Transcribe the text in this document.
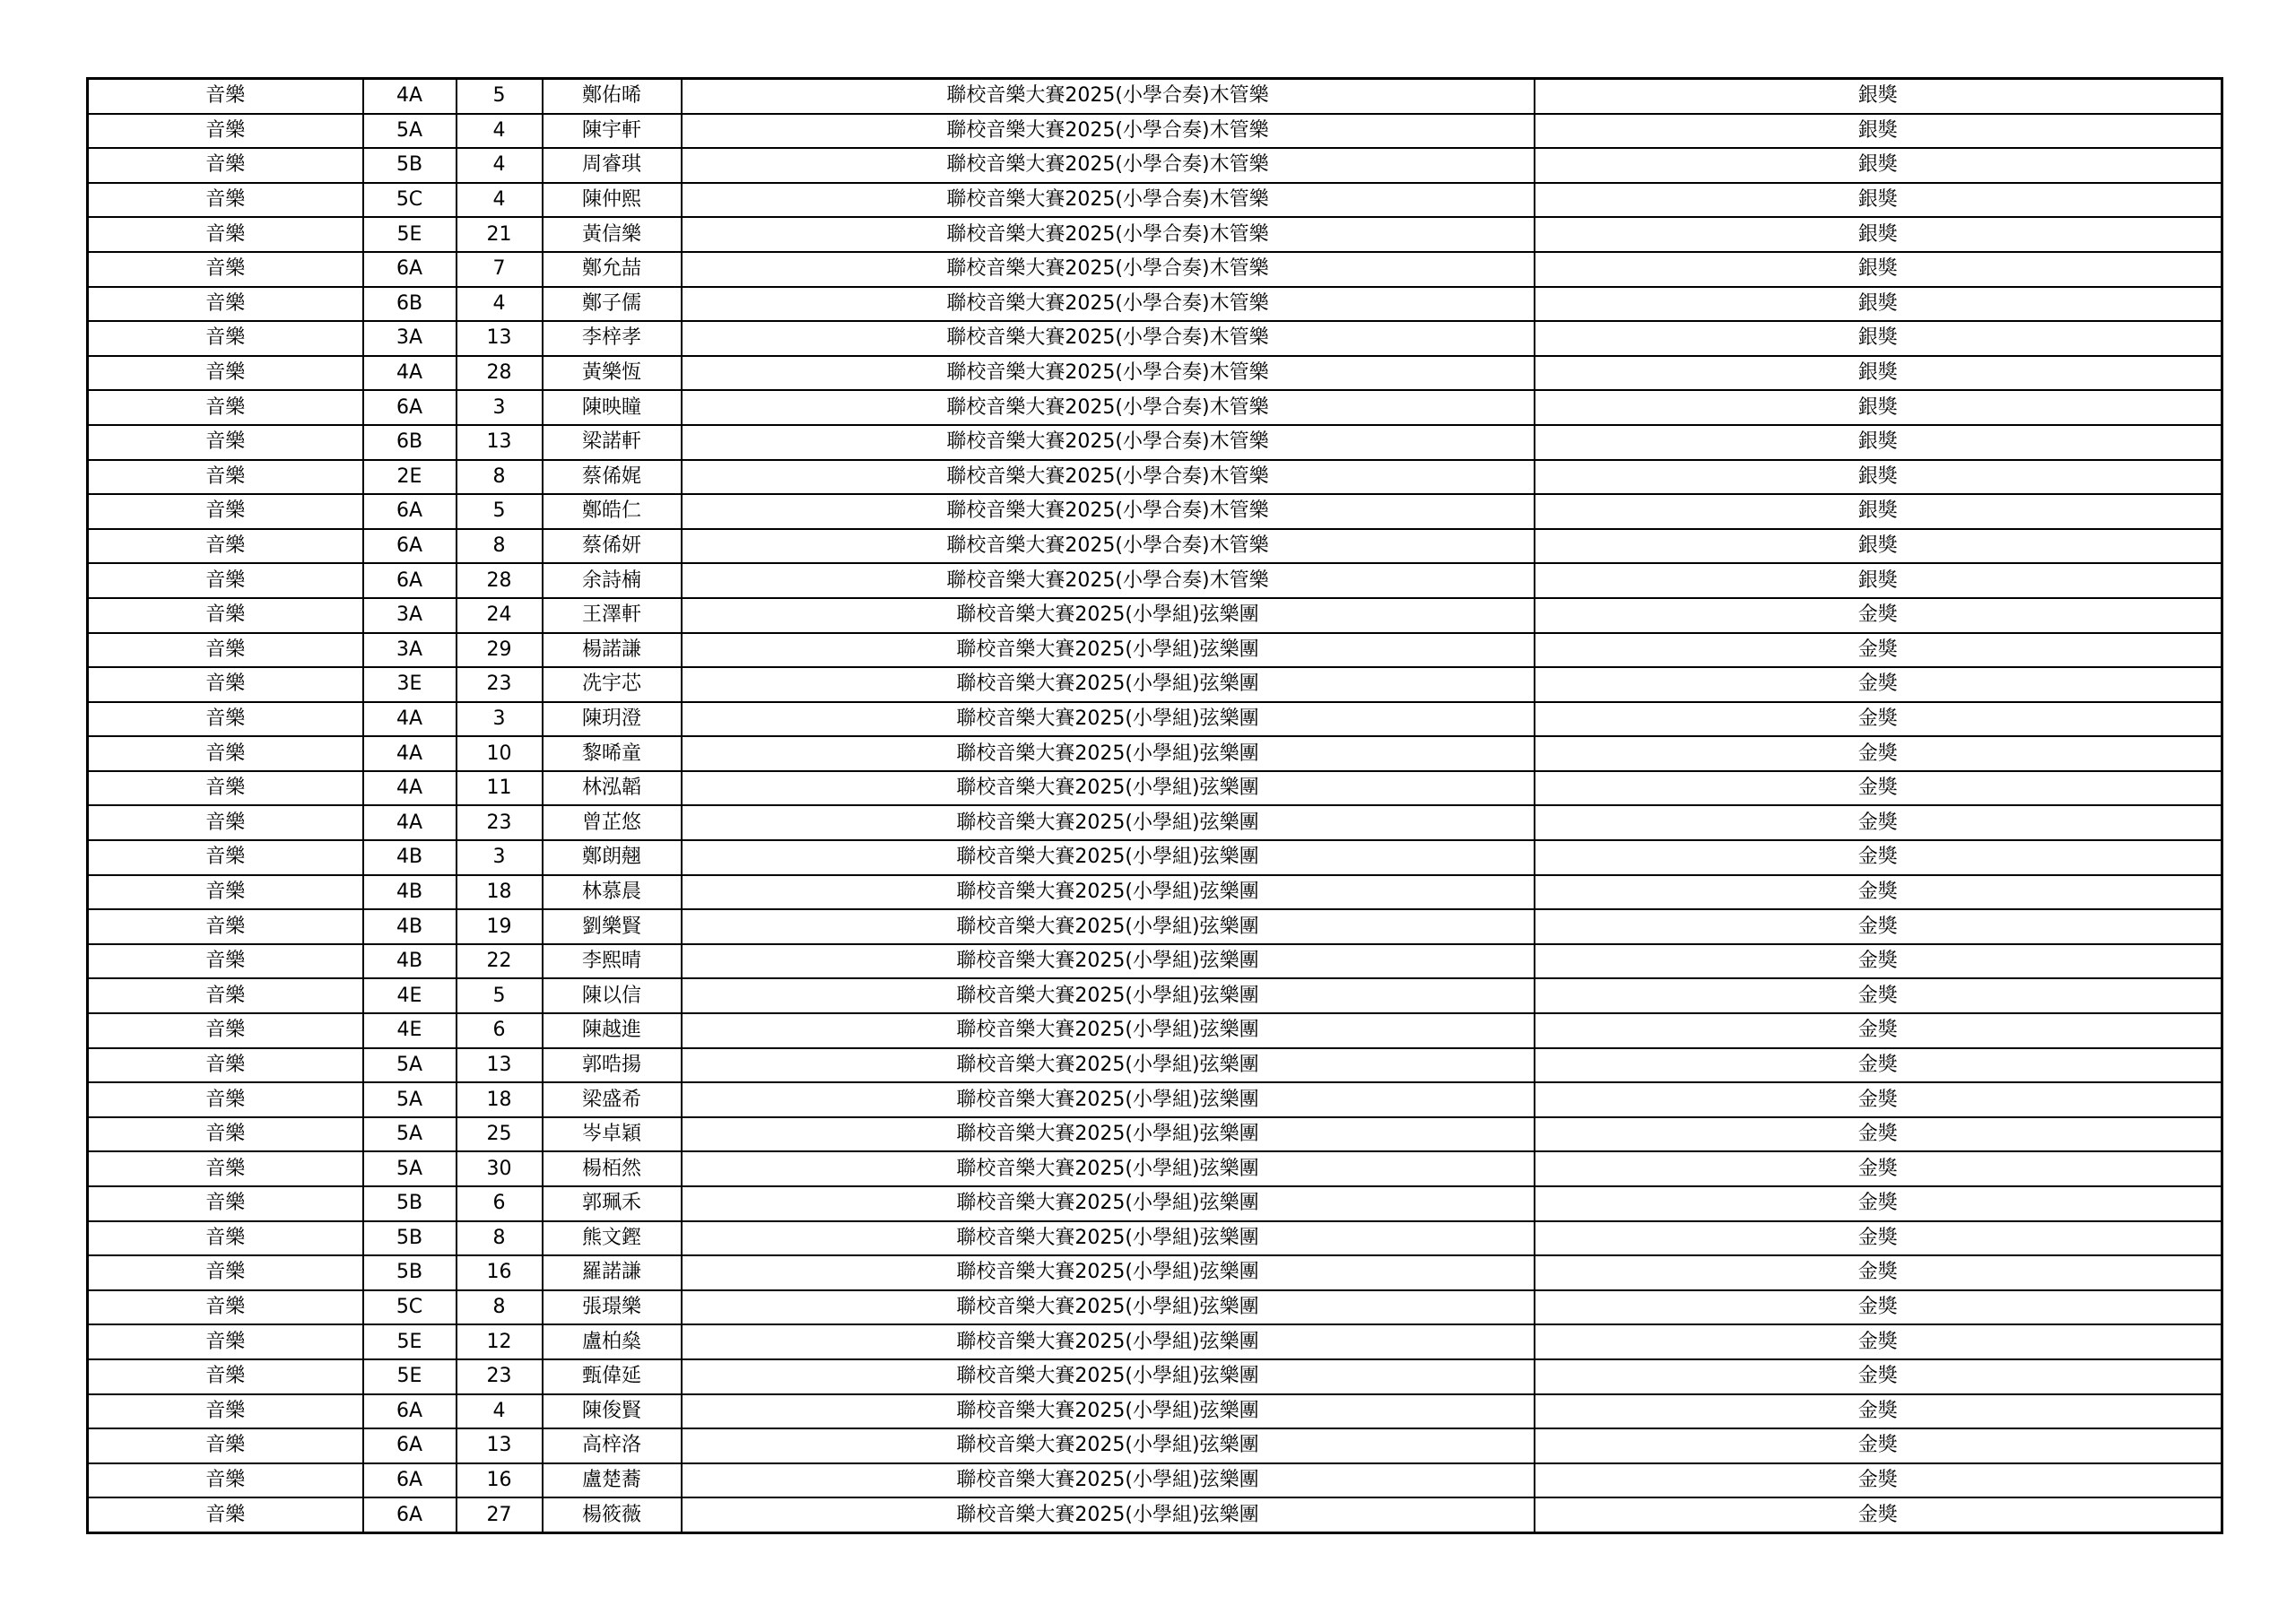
音樂	4A	5	鄭佑晞	聯校音樂大賽2025(小學合奏)木管樂	銀獎
音樂	5A	4	陳宇軒	聯校音樂大賽2025(小學合奏)木管樂	銀獎
音樂	5B	4	周睿琪	聯校音樂大賽2025(小學合奏)木管樂	銀獎
音樂	5C	4	陳仲熙	聯校音樂大賽2025(小學合奏)木管樂	銀獎
音樂	5E	21	黃信樂	聯校音樂大賽2025(小學合奏)木管樂	銀獎
音樂	6A	7	鄭允喆	聯校音樂大賽2025(小學合奏)木管樂	銀獎
音樂	6B	4	鄭子儒	聯校音樂大賽2025(小學合奏)木管樂	銀獎
音樂	3A	13	李梓孝	聯校音樂大賽2025(小學合奏)木管樂	銀獎
音樂	4A	28	黃樂恆	聯校音樂大賽2025(小學合奏)木管樂	銀獎
音樂	6A	3	陳映瞳	聯校音樂大賽2025(小學合奏)木管樂	銀獎
音樂	6B	13	梁諾軒	聯校音樂大賽2025(小學合奏)木管樂	銀獎
音樂	2E	8	蔡俙娓	聯校音樂大賽2025(小學合奏)木管樂	銀獎
音樂	6A	5	鄭皓仁	聯校音樂大賽2025(小學合奏)木管樂	銀獎
音樂	6A	8	蔡俙妍	聯校音樂大賽2025(小學合奏)木管樂	銀獎
音樂	6A	28	余詩楠	聯校音樂大賽2025(小學合奏)木管樂	銀獎
音樂	3A	24	王澤軒	聯校音樂大賽2025(小學組)弦樂團	金獎
音樂	3A	29	楊諾謙	聯校音樂大賽2025(小學組)弦樂團	金獎
音樂	3E	23	冼宇芯	聯校音樂大賽2025(小學組)弦樂團	金獎
音樂	4A	3	陳玥澄	聯校音樂大賽2025(小學組)弦樂團	金獎
音樂	4A	10	黎晞童	聯校音樂大賽2025(小學組)弦樂團	金獎
音樂	4A	11	林泓韜	聯校音樂大賽2025(小學組)弦樂團	金獎
音樂	4A	23	曾芷悠	聯校音樂大賽2025(小學組)弦樂團	金獎
音樂	4B	3	鄭朗翹	聯校音樂大賽2025(小學組)弦樂團	金獎
音樂	4B	18	林慕晨	聯校音樂大賽2025(小學組)弦樂團	金獎
音樂	4B	19	劉樂賢	聯校音樂大賽2025(小學組)弦樂團	金獎
音樂	4B	22	李熙晴	聯校音樂大賽2025(小學組)弦樂團	金獎
音樂	4E	5	陳以信	聯校音樂大賽2025(小學組)弦樂團	金獎
音樂	4E	6	陳越進	聯校音樂大賽2025(小學組)弦樂團	金獎
音樂	5A	13	郭晧揚	聯校音樂大賽2025(小學組)弦樂團	金獎
音樂	5A	18	梁盛希	聯校音樂大賽2025(小學組)弦樂團	金獎
音樂	5A	25	岑卓穎	聯校音樂大賽2025(小學組)弦樂團	金獎
音樂	5A	30	楊栢然	聯校音樂大賽2025(小學組)弦樂團	金獎
音樂	5B	6	郭珮禾	聯校音樂大賽2025(小學組)弦樂團	金獎
音樂	5B	8	熊文鏗	聯校音樂大賽2025(小學組)弦樂團	金獎
音樂	5B	16	羅諾謙	聯校音樂大賽2025(小學組)弦樂團	金獎
音樂	5C	8	張璟樂	聯校音樂大賽2025(小學組)弦樂團	金獎
音樂	5E	12	盧柏燊	聯校音樂大賽2025(小學組)弦樂團	金獎
音樂	5E	23	甄偉延	聯校音樂大賽2025(小學組)弦樂團	金獎
音樂	6A	4	陳俊賢	聯校音樂大賽2025(小學組)弦樂團	金獎
音樂	6A	13	高梓洛	聯校音樂大賽2025(小學組)弦樂團	金獎
音樂	6A	16	盧楚蕎	聯校音樂大賽2025(小學組)弦樂團	金獎
音樂	6A	27	楊筱薇	聯校音樂大賽2025(小學組)弦樂團	金獎
